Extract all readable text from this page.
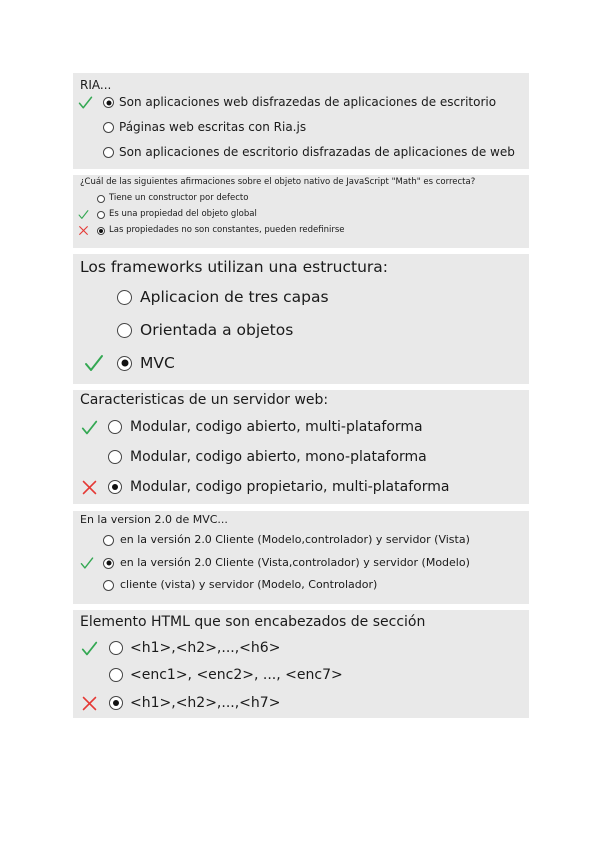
RIA...
Son aplicaciones web disfrazedas de aplicaciones de escritorio
Páginas web escritas con Ria.js
Son aplicaciones de escritorio disfrazadas de aplicaciones de web
¿Cuál de las siguientes afirmaciones sobre el objeto nativo de JavaScript "Math" es correcta?
Tiene un constructor por defecto
Es una propiedad del objeto global
Las propiedades no son constantes, pueden redefinirse
Los frameworks utilizan una estructura:
Aplicacion de tres capas
Orientada a objetos
MVC
Caracteristicas de un servidor web:
Modular, codigo abierto, multi-plataforma
Modular, codigo abierto, mono-plataforma
Modular, codigo propietario, multi-plataforma
En la version 2.0 de MVC...
en la versión 2.0 Cliente (Modelo,controlador) y servidor (Vista)
en la versión 2.0 Cliente (Vista,controlador) y servidor (Modelo)
cliente (vista) y servidor (Modelo, Controlador)
Elemento HTML que son encabezados de sección
<h1>,<h2>,...,<h6>
<enc1>, <enc2>, ..., <enc7>
<h1>,<h2>,...,<h7>
